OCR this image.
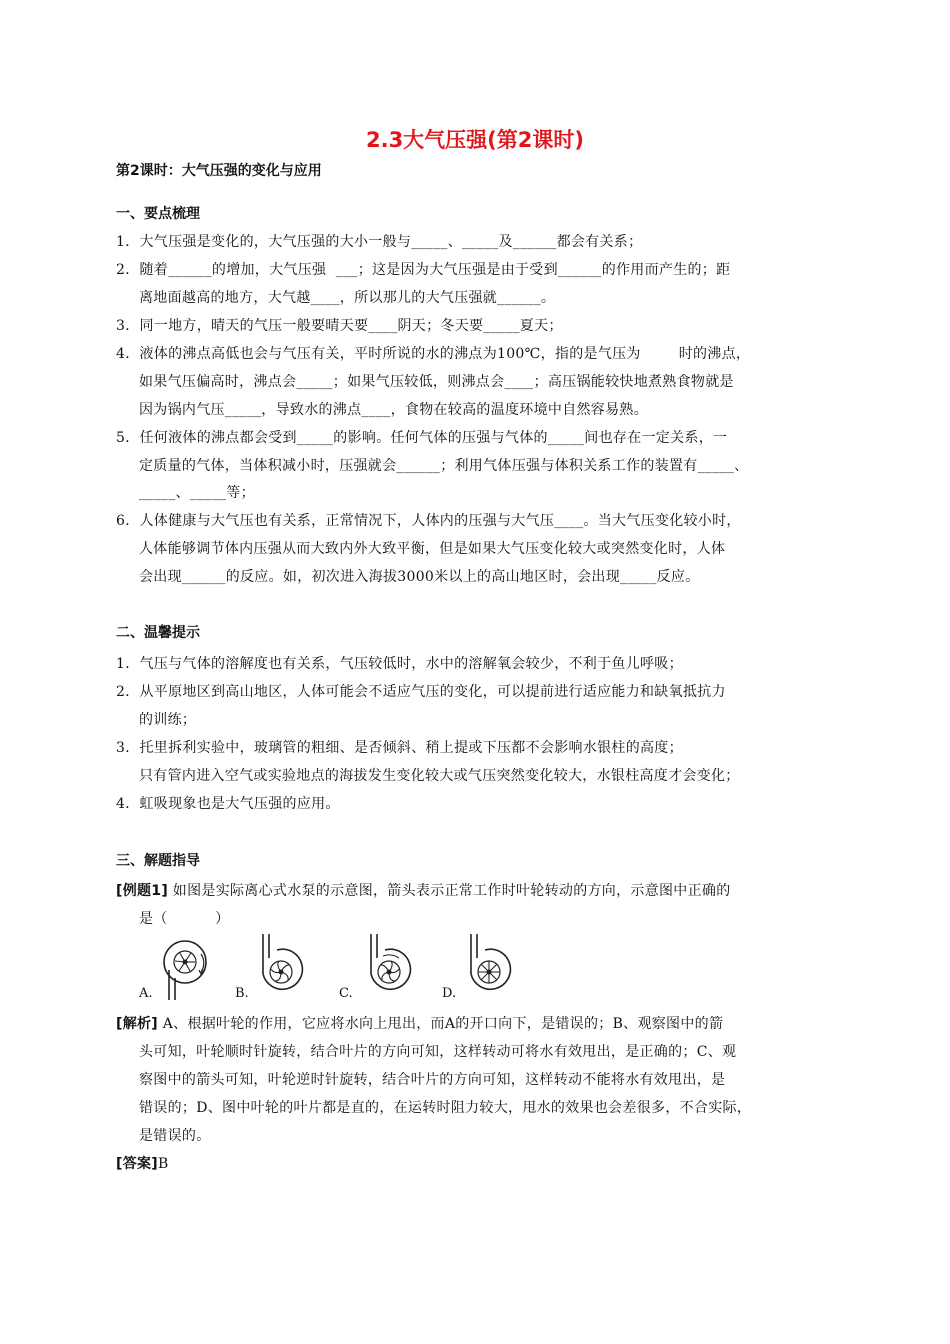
2.3大气压强(第2课时)
第2课时：大气压强的变化与应用
一、要点梳理
1．大气压强是变化的，大气压强的大小一般与_____、_____及______都会有关系；
2．随着______的增加，大气压强  ___；这是因为大气压强是由于受到______的作用而产生的；距
离地面越高的地方，大气越____，所以那儿的大气压强就______。
3．同一地方，晴天的气压一般要晴天要____阴天；冬天要_____夏天；
4．液体的沸点高低也会与气压有关，平时所说的水的沸点为100℃，指的是气压为        时的沸点，
如果气压偏高时，沸点会_____；如果气压较低，则沸点会____；高压锅能较快地煮熟食物就是
因为锅内气压_____，导致水的沸点____，食物在较高的温度环境中自然容易熟。
5．任何液体的沸点都会受到_____的影响。任何气体的压强与气体的_____间也存在一定关系，一
定质量的气体，当体积减小时，压强就会______；利用气体压强与体积关系工作的装置有_____、
_____、_____等；
6．人体健康与大气压也有关系，正常情况下，人体内的压强与大气压____。当大气压变化较小时，
人体能够调节体内压强从而大致内外大致平衡，但是如果大气压变化较大或突然变化时，人体
会出现______的反应。如，初次进入海拔3000米以上的高山地区时，会出现_____反应。
二、温馨提示
1．气压与气体的溶解度也有关系，气压较低时，水中的溶解氧会较少，不利于鱼儿呼吸；
2．从平原地区到高山地区，人体可能会不适应气压的变化，可以提前进行适应能力和缺氧抵抗力
的训练；
3．托里拆利实验中，玻璃管的粗细、是否倾斜、稍上提或下压都不会影响水银柱的高度；
只有管内进入空气或实验地点的海拔发生变化较大或气压突然变化较大，水银柱高度才会变化；
4．虹吸现象也是大气压强的应用。
三、解题指导
[例题1] 如图是实际离心式水泵的示意图，箭头表示正常工作时叶轮转动的方向，示意图中正确的
是（          ）
A.	B.	C.	D.
[解析] A、根据叶轮的作用，它应将水向上甩出，而A的开口向下，是错误的；B、观察图中的箭
头可知，叶轮顺时针旋转，结合叶片的方向可知，这样转动可将水有效甩出，是正确的；C、观
察图中的箭头可知，叶轮逆时针旋转，结合叶片的方向可知，这样转动不能将水有效甩出，是
错误的；D、图中叶轮的叶片都是直的，在运转时阻力较大，甩水的效果也会差很多，不合实际，
是错误的。
[答案]B
